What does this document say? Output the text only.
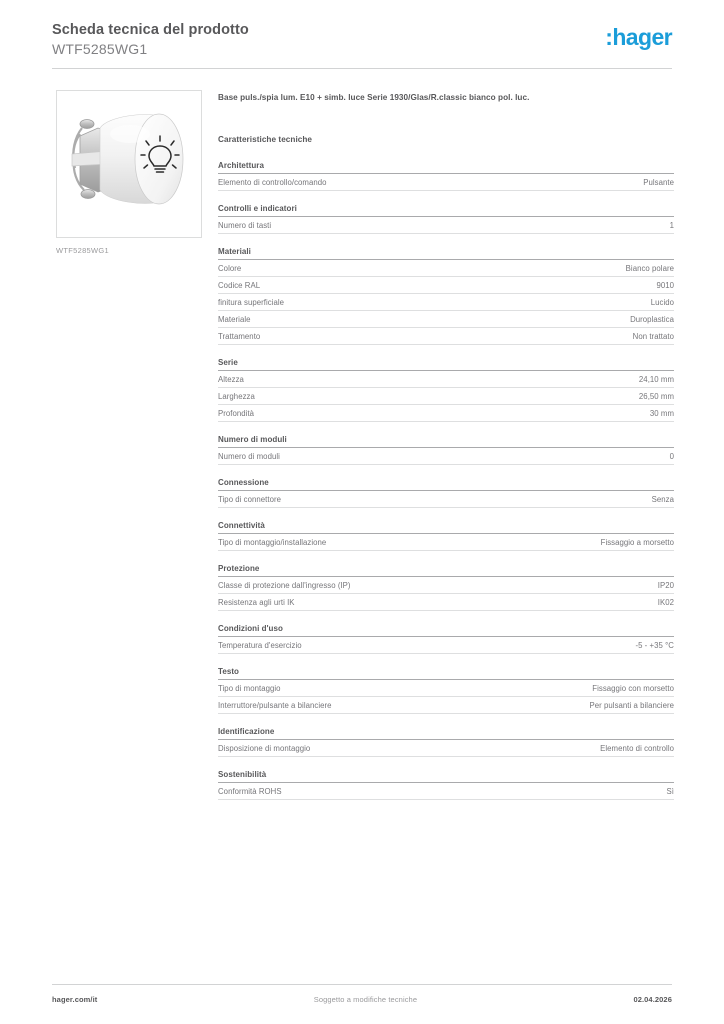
Scheda tecnica del prodotto
WTF5285WG1	:hager
WTF5285WG1
Base puls./spia lum. E10 + simb. luce Serie 1930/Glas/R.classic bianco pol. luc.
Caratteristiche tecniche
Architettura
Elemento di controllo/comando	Pulsante
Controlli e indicatori
Numero di tasti	1
Materiali
Colore	Bianco polare
Codice RAL	9010
finitura superficiale	Lucido
Materiale	Duroplastica
Trattamento	Non trattato
Serie
Altezza	24,10 mm
Larghezza	26,50 mm
Profondità	30 mm
Numero di moduli
Numero di moduli	0
Connessione
Tipo di connettore	Senza
Connettività
Tipo di montaggio/installazione	Fissaggio a morsetto
Protezione
Classe di protezione dall'ingresso (IP)	IP20
Resistenza agli urti IK	IK02
Condizioni d'uso
Temperatura d'esercizio	-5 - +35 °C
Testo
Tipo di montaggio	Fissaggio con morsetto
Interruttore/pulsante a bilanciere	Per pulsanti a bilanciere
Identificazione
Disposizione di montaggio	Elemento di controllo
Sostenibilità
Conformità ROHS	Sì
hager.com/it	Soggetto a modifiche tecniche	02.04.2026
